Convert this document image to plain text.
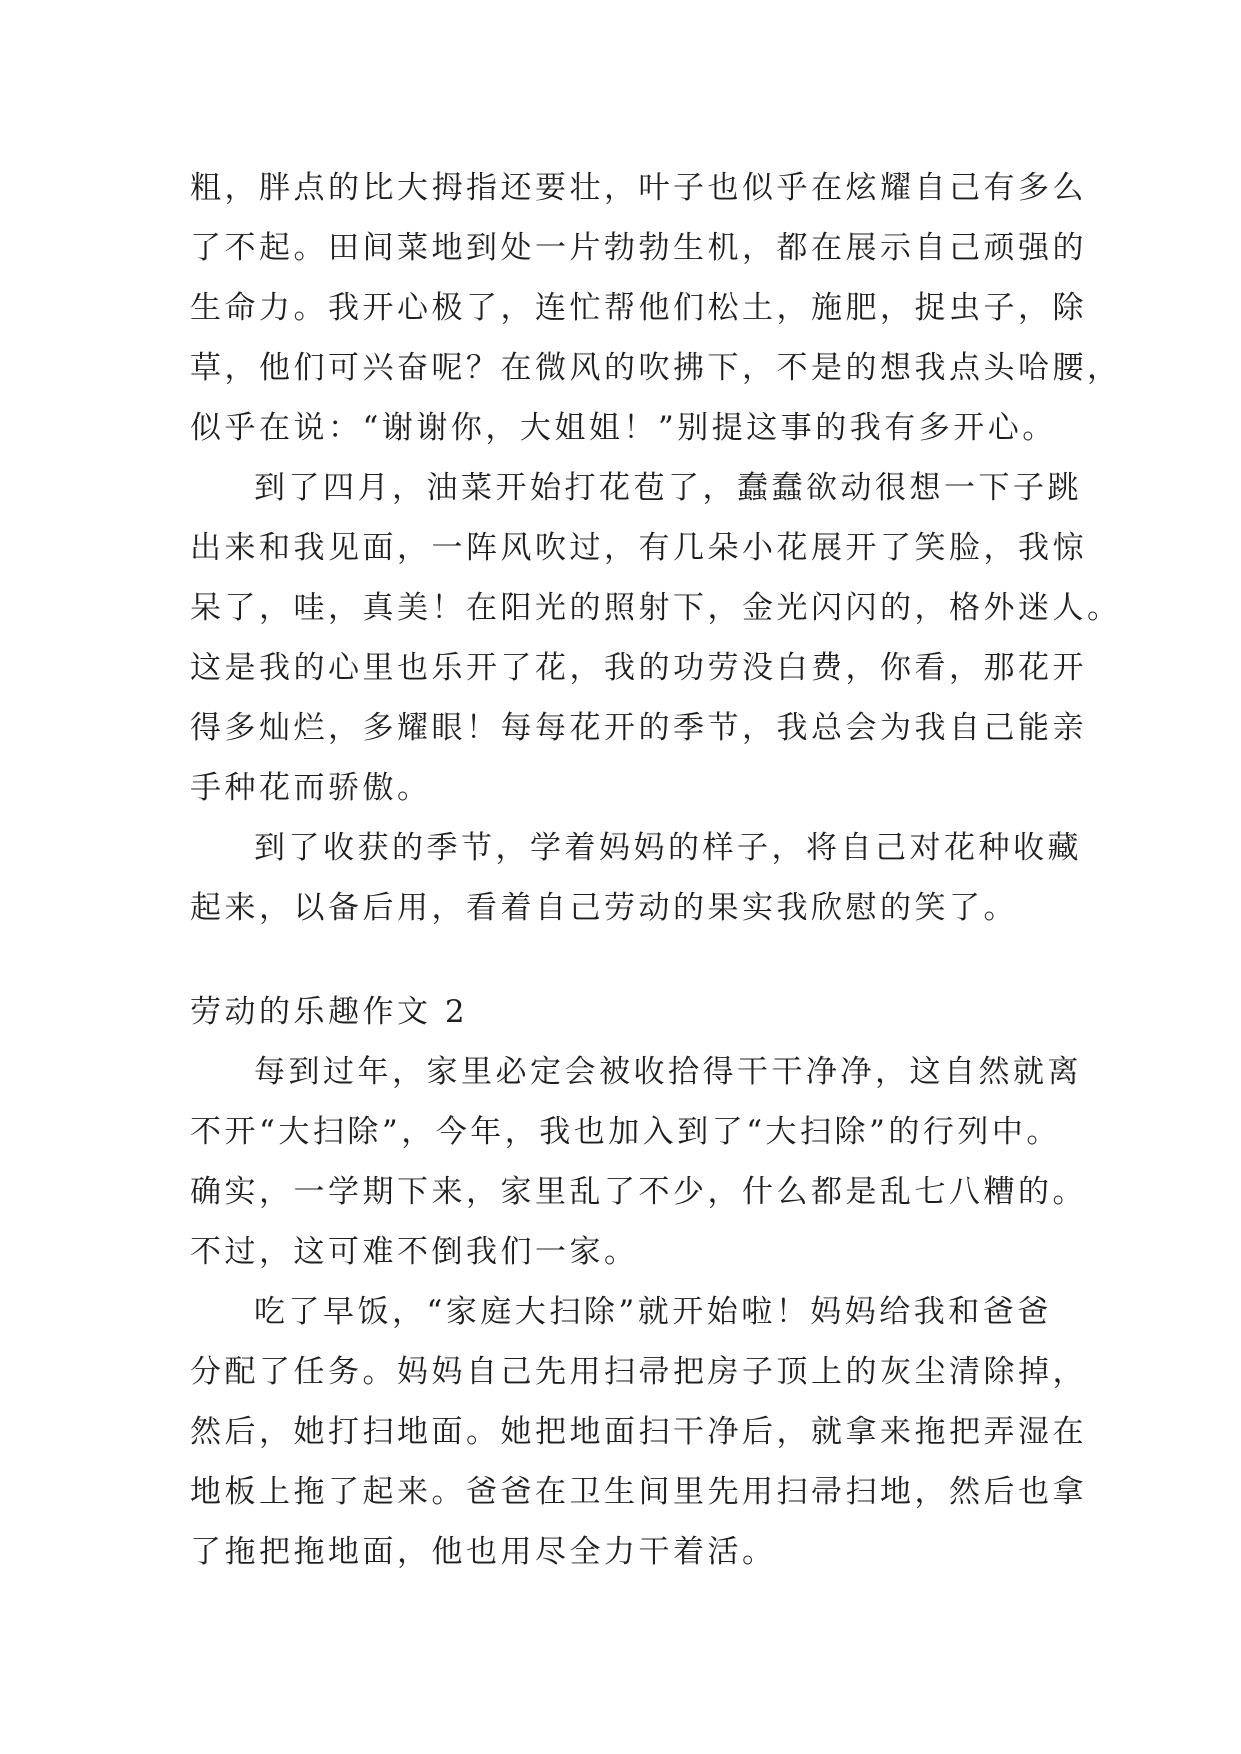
粗，胖点的比大拇指还要壮，叶子也似乎在炫耀自己有多么
了不起。田间菜地到处一片勃勃生机，都在展示自己顽强的
生命力。我开心极了，连忙帮他们松土，施肥，捉虫子，除
草，他们可兴奋呢？在微风的吹拂下，不是的想我点头哈腰，
似乎在说：“谢谢你，大姐姐！”别提这事的我有多开心。
到了四月，油菜开始打花苞了，蠢蠢欲动很想一下子跳
出来和我见面，一阵风吹过，有几朵小花展开了笑脸，我惊
呆了，哇，真美！在阳光的照射下，金光闪闪的，格外迷人。
这是我的心里也乐开了花，我的功劳没白费，你看，那花开
得多灿烂，多耀眼！每每花开的季节，我总会为我自己能亲
手种花而骄傲。
到了收获的季节，学着妈妈的样子，将自己对花种收藏
起来，以备后用，看着自己劳动的果实我欣慰的笑了。
劳动的乐趣作文 2
每到过年，家里必定会被收拾得干干净净，这自然就离
不开“大扫除”，今年，我也加入到了“大扫除”的行列中。
确实，一学期下来，家里乱了不少，什么都是乱七八糟的。
不过，这可难不倒我们一家。
吃了早饭，“家庭大扫除”就开始啦！妈妈给我和爸爸
分配了任务。妈妈自己先用扫帚把房子顶上的灰尘清除掉，
然后，她打扫地面。她把地面扫干净后，就拿来拖把弄湿在
地板上拖了起来。爸爸在卫生间里先用扫帚扫地，然后也拿
了拖把拖地面，他也用尽全力干着活。
